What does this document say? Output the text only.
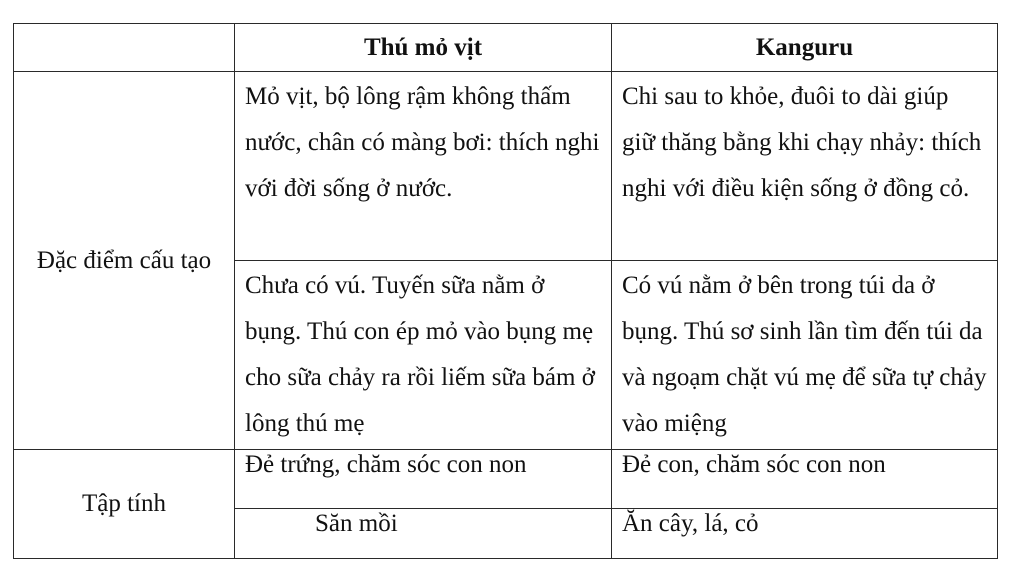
	Thú mỏ vịt	Kanguru
Đặc điểm cấu tạo	Mỏ vịt, bộ lông rậm không thấm nước, chân có màng bơi: thích nghi với đời sống ở nước.	Chi sau to khỏe, đuôi to dài giúp giữ thăng bằng khi chạy nhảy: thích nghi với điều kiện sống ở đồng cỏ.
	Chưa có vú. Tuyến sữa nằm ở bụng. Thú con ép mỏ vào bụng mẹ cho sữa chảy ra rồi liếm sữa bám ở lông thú mẹ	Có vú nằm ở bên trong túi da ở bụng. Thú sơ sinh lần tìm đến túi da và ngoạm chặt vú mẹ để sữa tự chảy vào miệng
Tập tính	Đẻ trứng, chăm sóc con non	Đẻ con, chăm sóc con non
	Săn mồi	Ăn cây, lá, cỏ
